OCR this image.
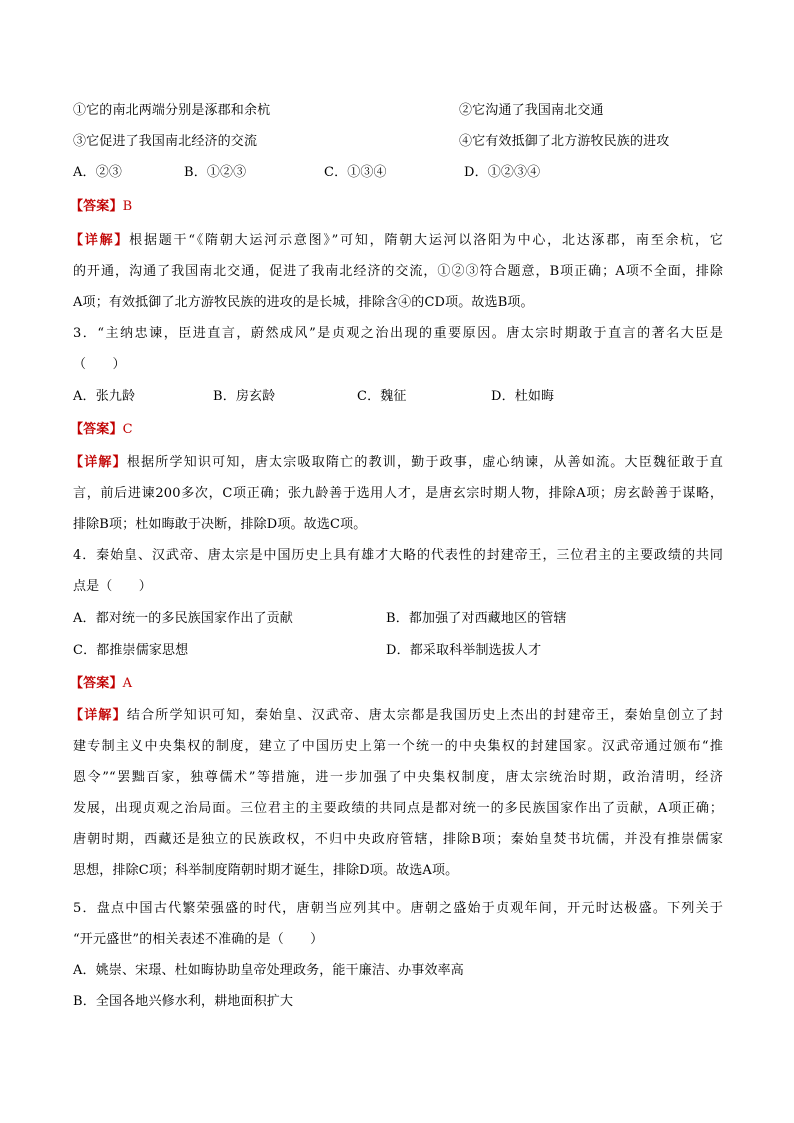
①它的南北两端分别是涿郡和余杭	②它沟通了我国南北交通
③它促进了我国南北经济的交流	④它有效抵御了北方游牧民族的进攻
A．②③	B．①②③	C．①③④	D．①②③④
【答案】B
【详解】根据题干“《隋朝大运河示意图》”可知，隋朝大运河以洛阳为中心，北达涿郡，南至余杭，它
的开通，沟通了我国南北交通，促进了我南北经济的交流，①②③符合题意，B项正确；A项不全面，排除
A项；有效抵御了北方游牧民族的进攻的是长城，排除含④的CD项。故选B项。
3．“主纳忠谏，臣进直言，蔚然成风”是贞观之治出现的重要原因。唐太宗时期敢于直言的著名大臣是
（　　）
A．张九龄	B．房玄龄	C．魏征	D．杜如晦
【答案】C
【详解】根据所学知识可知，唐太宗吸取隋亡的教训，勤于政事，虚心纳谏，从善如流。大臣魏征敢于直
言，前后进谏200多次，C项正确；张九龄善于选用人才，是唐玄宗时期人物，排除A项；房玄龄善于谋略，
排除B项；杜如晦敢于决断，排除D项。故选C项。
4．秦始皇、汉武帝、唐太宗是中国历史上具有雄才大略的代表性的封建帝王，三位君主的主要政绩的共同
点是（　　）
A．都对统一的多民族国家作出了贡献	B．都加强了对西藏地区的管辖
C．都推崇儒家思想	D．都采取科举制选拔人才
【答案】A
【详解】结合所学知识可知，秦始皇、汉武帝、唐太宗都是我国历史上杰出的封建帝王，秦始皇创立了封
建专制主义中央集权的制度，建立了中国历史上第一个统一的中央集权的封建国家。汉武帝通过颁布“推
恩令”“罢黜百家，独尊儒术”等措施，进一步加强了中央集权制度，唐太宗统治时期，政治清明，经济
发展，出现贞观之治局面。三位君主的主要政绩的共同点是都对统一的多民族国家作出了贡献，A项正确；
唐朝时期，西藏还是独立的民族政权，不归中央政府管辖，排除B项；秦始皇焚书坑儒，并没有推崇儒家
思想，排除C项；科举制度隋朝时期才诞生，排除D项。故选A项。
5．盘点中国古代繁荣强盛的时代，唐朝当应列其中。唐朝之盛始于贞观年间，开元时达极盛。下列关于
“开元盛世”的相关表述不准确的是（　　）
A．姚崇、宋璟、杜如晦协助皇帝处理政务，能干廉洁、办事效率高
B．全国各地兴修水利，耕地面积扩大
